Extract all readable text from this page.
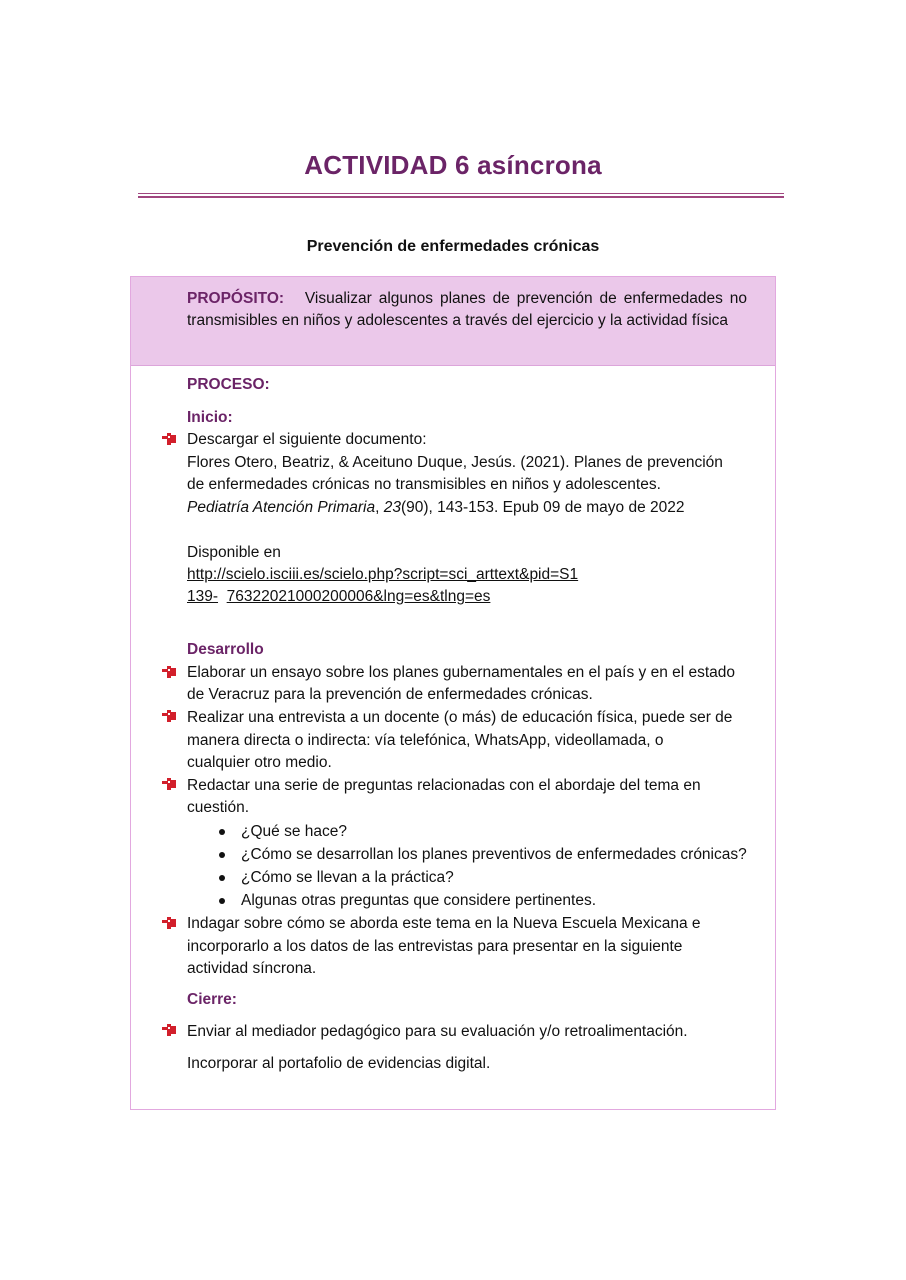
ACTIVIDAD 6 asíncrona

Prevención de enfermedades crónicas

PROPÓSITO: Visualizar algunos planes de prevención de enfermedades no transmisibles en niños y adolescentes a través del ejercicio y la actividad física
PROCESO:
Inicio:
Descargar el siguiente documento:
Flores Otero, Beatriz, & Aceituno Duque, Jesús. (2021). Planes de prevención
de enfermedades crónicas no transmisibles en niños y adolescentes.
Pediatría Atención Primaria, 23(90), 143-153. Epub 09 de mayo de 2022
Disponible en
http://scielo.isciii.es/scielo.php?script=sci_arttext&pid=S1
139- 76322021000200006&lng=es&tlng=es
Desarrollo
Elaborar un ensayo sobre los planes gubernamentales en el país y en el estado
de Veracruz para la prevención de enfermedades crónicas.
Realizar una entrevista a un docente (o más) de educación física, puede ser de
manera directa o indirecta: vía telefónica, WhatsApp, videollamada, o
cualquier otro medio.
Redactar una serie de preguntas relacionadas con el abordaje del tema en
cuestión.
¿Qué se hace?
¿Cómo se desarrollan los planes preventivos de enfermedades crónicas?
¿Cómo se llevan a la práctica?
Algunas otras preguntas que considere pertinentes.
Indagar sobre cómo se aborda este tema en la Nueva Escuela Mexicana e
incorporarlo a los datos de las entrevistas para presentar en la siguiente
actividad síncrona.
Cierre:
Enviar al mediador pedagógico para su evaluación y/o retroalimentación.
Incorporar al portafolio de evidencias digital.
